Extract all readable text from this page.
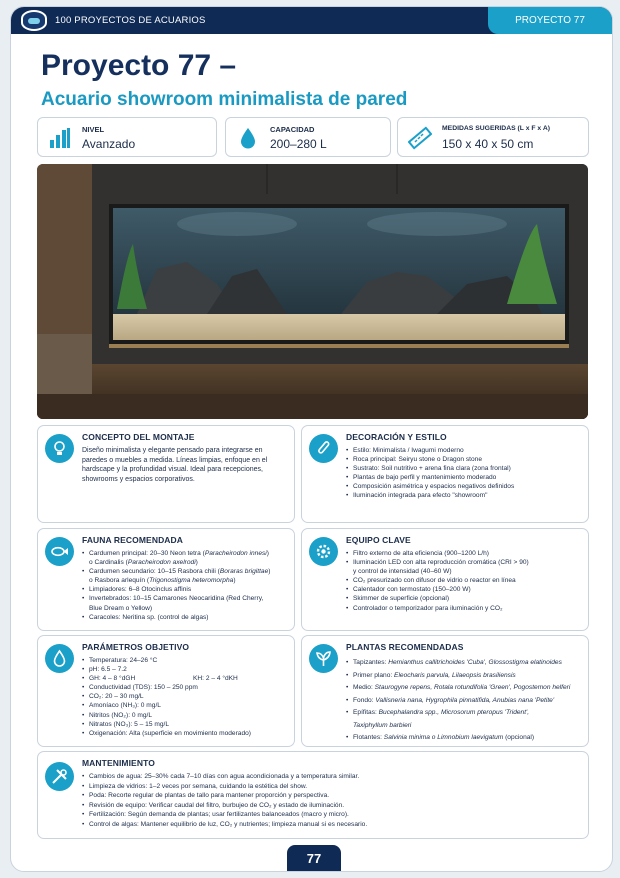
100 PROYECTOS DE ACUARIOS	PROYECTO 77
Proyecto 77 –
Acuario showroom minimalista de pared
NIVEL
Avanzado
CAPACIDAD
200–280 L
MEDIDAS SUGERIDAS (L x F x A)
150 x 40 x 50 cm
CONCEPTO DEL MONTAJE
Diseño minimalista y elegante pensado para integrarse en paredes o muebles a medida. Líneas limpias, enfoque en el hardscape y la profundidad visual. Ideal para recepciones, showrooms y espacios corporativos.
DECORACIÓN Y ESTILO
• Estilo: Minimalista / Iwagumi moderno
• Roca principal: Seiryu stone o Dragon stone
• Sustrato: Soil nutritivo + arena fina clara (zona frontal)
• Plantas de bajo perfil y mantenimiento moderado
• Composición asimétrica y espacios negativos definidos
• Iluminación integrada para efecto "showroom"
FAUNA RECOMENDADA
• Cardumen principal: 20–30 Neon tetra (Paracheirodon innesi)
o Cardinalis (Paracheirodon axelrodi)
• Cardumen secundario: 10–15 Rasbora chili (Boraras brigittae)
o Rasbora arlequín (Trigonostigma heteromorpha)
• Limpiadores: 6–8 Otocinclus affinis
• Invertebrados: 10–15 Camarones Neocaridina (Red Cherry,
Blue Dream o Yellow)
• Caracoles: Neritina sp. (control de algas)
EQUIPO CLAVE
• Filtro externo de alta eficiencia (900–1200 L/h)
• Iluminación LED con alta reproducción cromática (CRI > 90)
y control de intensidad (40–60 W)
• CO₂ presurizado con difusor de vidrio o reactor en línea
• Calentador con termostato (150–200 W)
• Skimmer de superficie (opcional)
• Controlador o temporizador para iluminación y CO₂
PARÁMETROS OBJETIVO
• Temperatura: 24–26 °C
• pH: 6.5 – 7.2
• GH: 4 – 8 °dGH	KH: 2 – 4 °dKH
• Conductividad (TDS): 150 – 250 ppm
• CO₂: 20 – 30 mg/L
• Amoníaco (NH₃): 0 mg/L
• Nitritos (NO₂): 0 mg/L
• Nitratos (NO₃): 5 – 15 mg/L
• Oxigenación: Alta (superficie en movimiento moderado)
PLANTAS RECOMENDADAS
• Tapizantes: Hemianthus callitrichoides 'Cuba', Glossostigma elatinoides
• Primer plano: Eleocharis parvula, Lilaeopsis brasiliensis
• Medio: Staurogyne repens, Rotala rotundifolia 'Green', Pogostemon helferi
• Fondo: Vallisneria nana, Hygrophila pinnatifida, Anubias nana 'Petite'
• Epífitas: Bucephalandra spp., Microsorum pteropus 'Trident',
Taxiphyllum barbieri
• Flotantes: Salvinia minima o Limnobium laevigatum (opcional)
MANTENIMIENTO
• Cambios de agua: 25–30% cada 7–10 días con agua acondicionada y a temperatura similar.
• Limpieza de vidrios: 1–2 veces por semana, cuidando la estética del show.
• Poda: Recorte regular de plantas de tallo para mantener proporción y perspectiva.
• Revisión de equipo: Verificar caudal del filtro, burbujeo de CO₂ y estado de iluminación.
• Fertilización: Según demanda de plantas; usar fertilizantes balanceados (macro y micro).
• Control de algas: Mantener equilibrio de luz, CO₂ y nutrientes; limpieza manual si es necesario.
77
